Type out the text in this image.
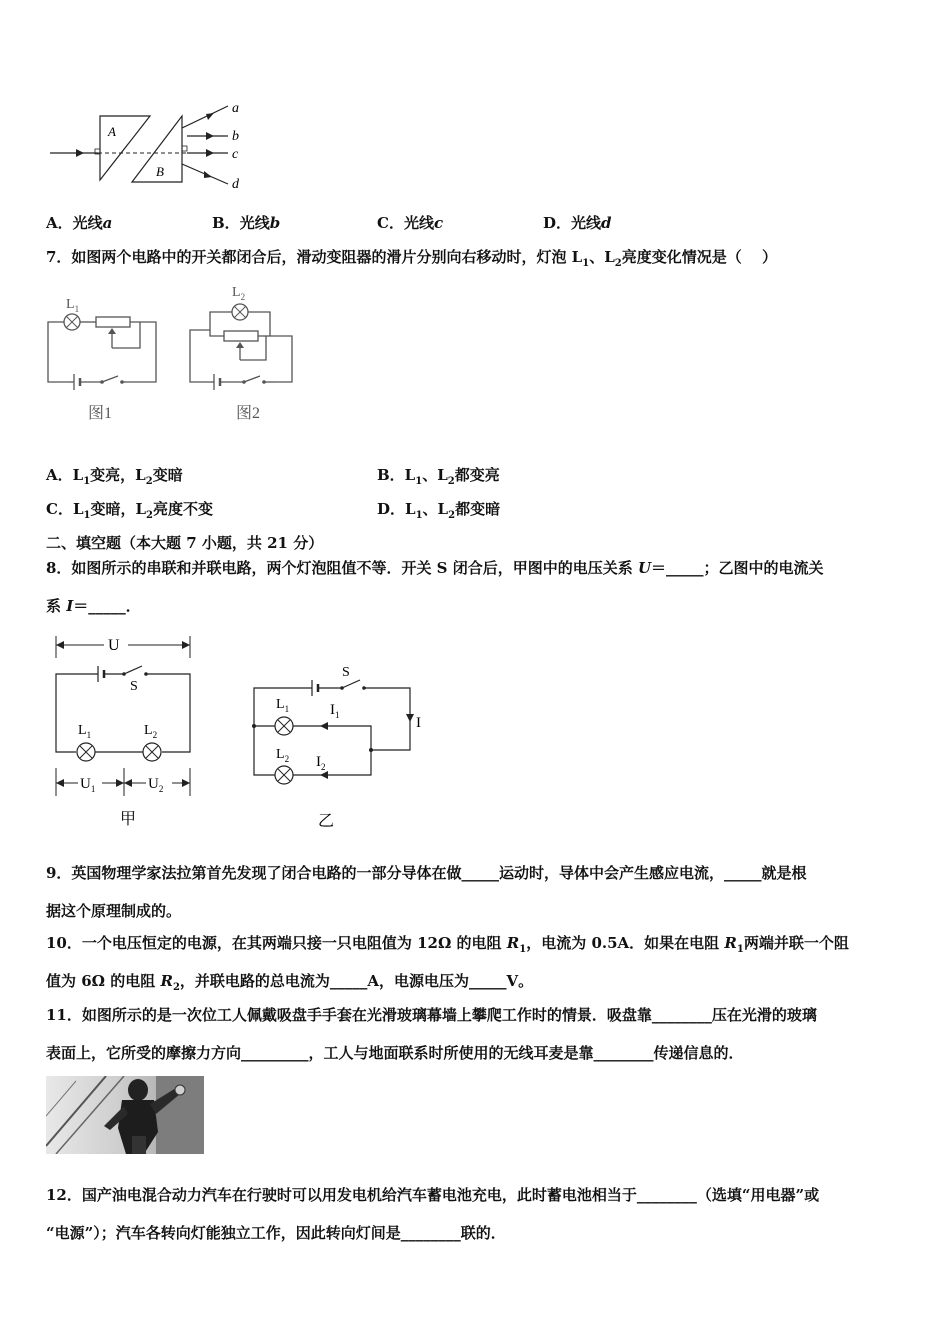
A
B
a
b
c
d
A．光线a	B．光线b	C．光线c	D．光线d
7．如图两个电路中的开关都闭合后，滑动变阻器的滑片分别向右移动时，灯泡 $L_1$、$L_2$亮度变化情况是（　 ）
$L_1$
图1
$L_2$
图2
A．$L_1$变亮，$L_2$变暗	B．$L_1$、$L_2$都变亮
C．$L_1$变暗，$L_2$亮度不变	D．$L_1$、$L_2$都变暗
二、填空题（本大题 7 小题，共 21 分）
8．如图所示的串联和并联电路，两个灯泡阻值不等．开关 S 闭合后，甲图中的电压关系 U＝_____；乙图中的电流关
系 I＝_____．
U
S
$L_1$	$L_2$
$U_1$	$U_2$
甲
S
I
$L_1$
$L_2$
$I_1$
$I_2$
乙
9．英国物理学家法拉第首先发现了闭合电路的一部分导体在做_____运动时，导体中会产生感应电流，_____就是根
据这个原理制成的。
10．一个电压恒定的电源，在其两端只接一只电阻值为 12Ω 的电阻 $R_1$，电流为 0.5A．如果在电阻 $R_1$两端并联一个阻
值为 6Ω 的电阻 $R_2$，并联电路的总电流为_____A，电源电压为_____V。
11．如图所示的是一次位工人佩戴吸盘手手套在光滑玻璃幕墙上攀爬工作时的情景．吸盘靠________压在光滑的玻璃
表面上，它所受的摩擦力方向_________，工人与地面联系时所使用的无线耳麦是靠________传递信息的．
12．国产油电混合动力汽车在行驶时可以用发电机给汽车蓄电池充电，此时蓄电池相当于________（选填“用电器”或
“电源”）；汽车各转向灯能独立工作，因此转向灯间是________联的．
